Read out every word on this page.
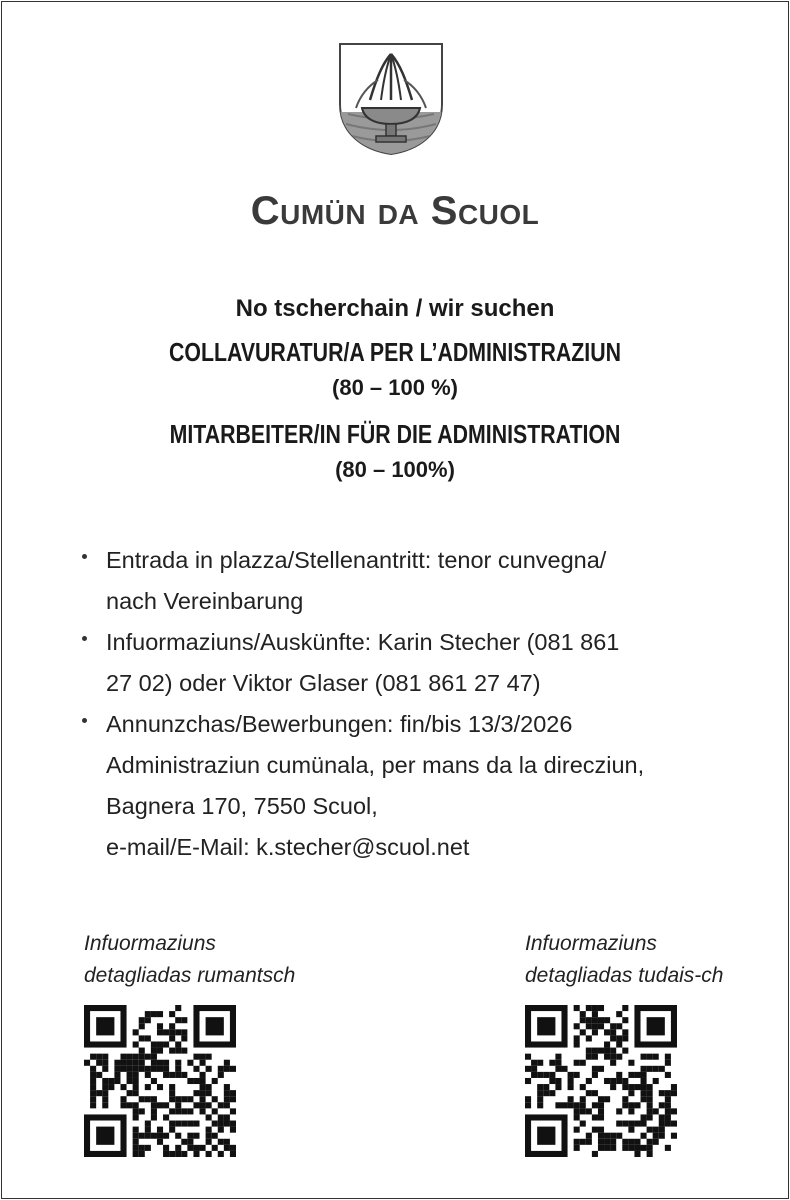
Cumün da Scuol
No tscherchain / wir suchen
COLLAVURATUR/A PER L’ADMINISTRAZIUN
(80 – 100 %)
MITARBEITER/IN FÜR DIE ADMINISTRATION
(80 – 100%)
Entrada in plazza/Stellenantritt: tenor cunvegna/
nach Vereinbarung
Infuormaziuns/Auskünfte: Karin Stecher (081 861
27 02) oder Viktor Glaser (081 861 27 47)
Annunzchas/Bewerbungen: fin/bis 13/3/2026
Administraziun cumünala, per mans da la direcziun,
Bagnera 170, 7550 Scuol,
e-mail/E-Mail: k.stecher@scuol.net
Infuormaziuns
detagliadas rumantsch
Infuormaziuns
detagliadas tudais-ch
